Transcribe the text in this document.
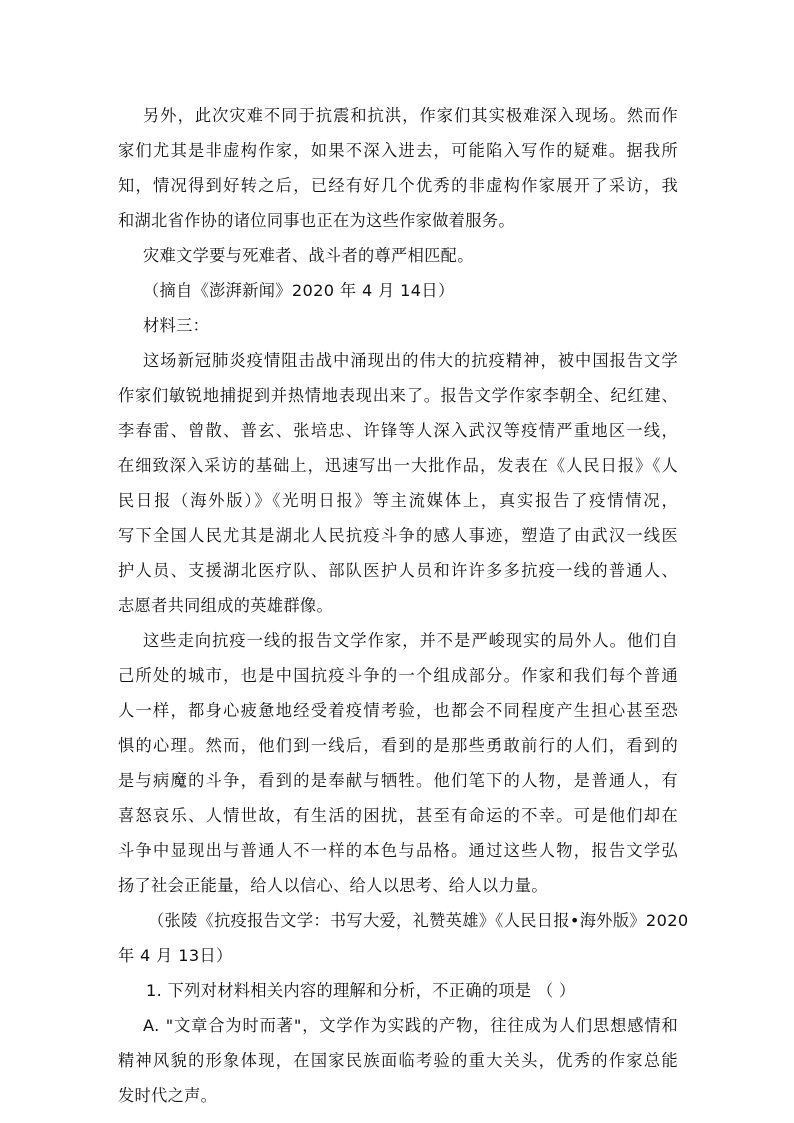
另外，此次灾难不同于抗震和抗洪，作家们其实极难深入现场。然而作
家们尤其是非虚构作家，如果不深入进去，可能陷入写作的疑难。据我所
知，情况得到好转之后，已经有好几个优秀的非虚构作家展开了采访，我
和湖北省作协的诸位同事也正在为这些作家做着服务。
灾难文学要与死难者、战斗者的尊严相匹配。
（摘自《澎湃新闻》2020 年 4 月 14日）
材料三：
这场新冠肺炎疫情阻击战中涌现出的伟大的抗疫精神，被中国报告文学
作家们敏锐地捕捉到并热情地表现出来了。报告文学作家李朝全、纪红建、
李春雷、曾散、普玄、张培忠、许锋等人深入武汉等疫情严重地区一线，
在细致深入采访的基础上，迅速写出一大批作品，发表在《人民日报》《人
民日报（海外版）》《光明日报》等主流媒体上，真实报告了疫情情况，
写下全国人民尤其是湖北人民抗疫斗争的感人事迹，塑造了由武汉一线医
护人员、支援湖北医疗队、部队医护人员和许许多多抗疫一线的普通人、
志愿者共同组成的英雄群像。
这些走向抗疫一线的报告文学作家，并不是严峻现实的局外人。他们自
己所处的城市，也是中国抗疫斗争的一个组成部分。作家和我们每个普通
人一样，都身心疲惫地经受着疫情考验，也都会不同程度产生担心甚至恐
惧的心理。然而，他们到一线后，看到的是那些勇敢前行的人们，看到的
是与病魔的斗争，看到的是奉献与牺牲。他们笔下的人物，是普通人，有
喜怒哀乐、人情世故，有生活的困扰，甚至有命运的不幸。可是他们却在
斗争中显现出与普通人不一样的本色与品格。通过这些人物，报告文学弘
扬了社会正能量，给人以信心、给人以思考、给人以力量。
（张陵《抗疫报告文学：书写大爱，礼赞英雄》《人民日报•海外版》2020
年 4 月 13日）
1. 下列对材料相关内容的理解和分析，不正确的项是 （ ）
A. "文章合为时而著"，文学作为实践的产物，往往成为人们思想感情和
精神风貌的形象体现，在国家民族面临考验的重大关头，优秀的作家总能
发时代之声。
